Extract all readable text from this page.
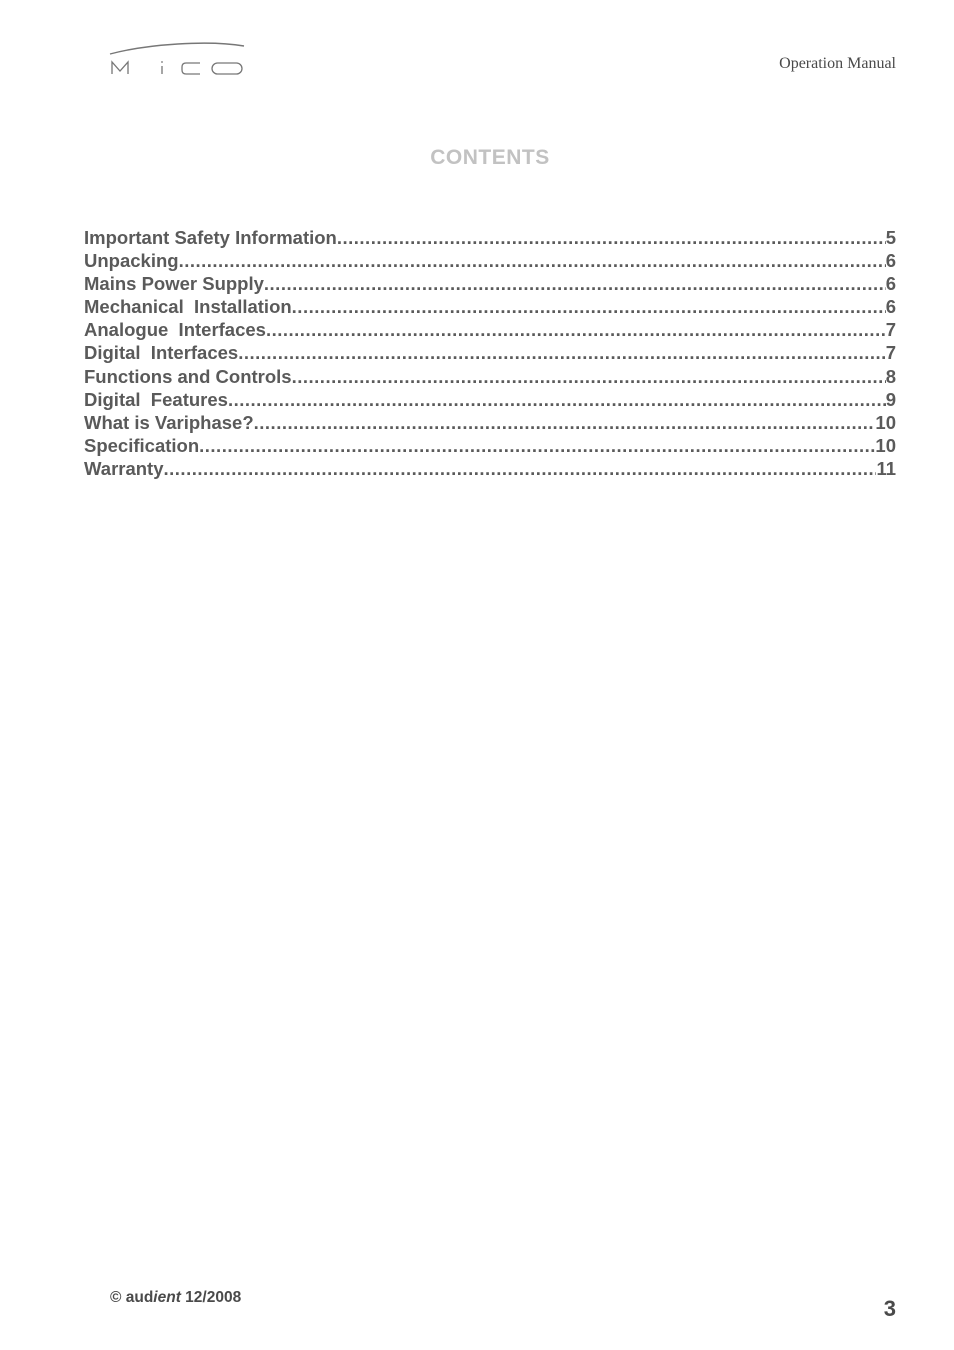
Operation Manual
CONTENTS
Important Safety Information .....	5
Unpacking .....	6
Mains Power Supply .....	6
Mechanical  Installation .....	6
Analogue  Interfaces .....	7
Digital  Interfaces .....	7
Functions and Controls .....	8
Digital  Features .....	9
What is Variphase? .....	10
Specification .....	10
Warranty .....	11
© audient 12/2008	3
